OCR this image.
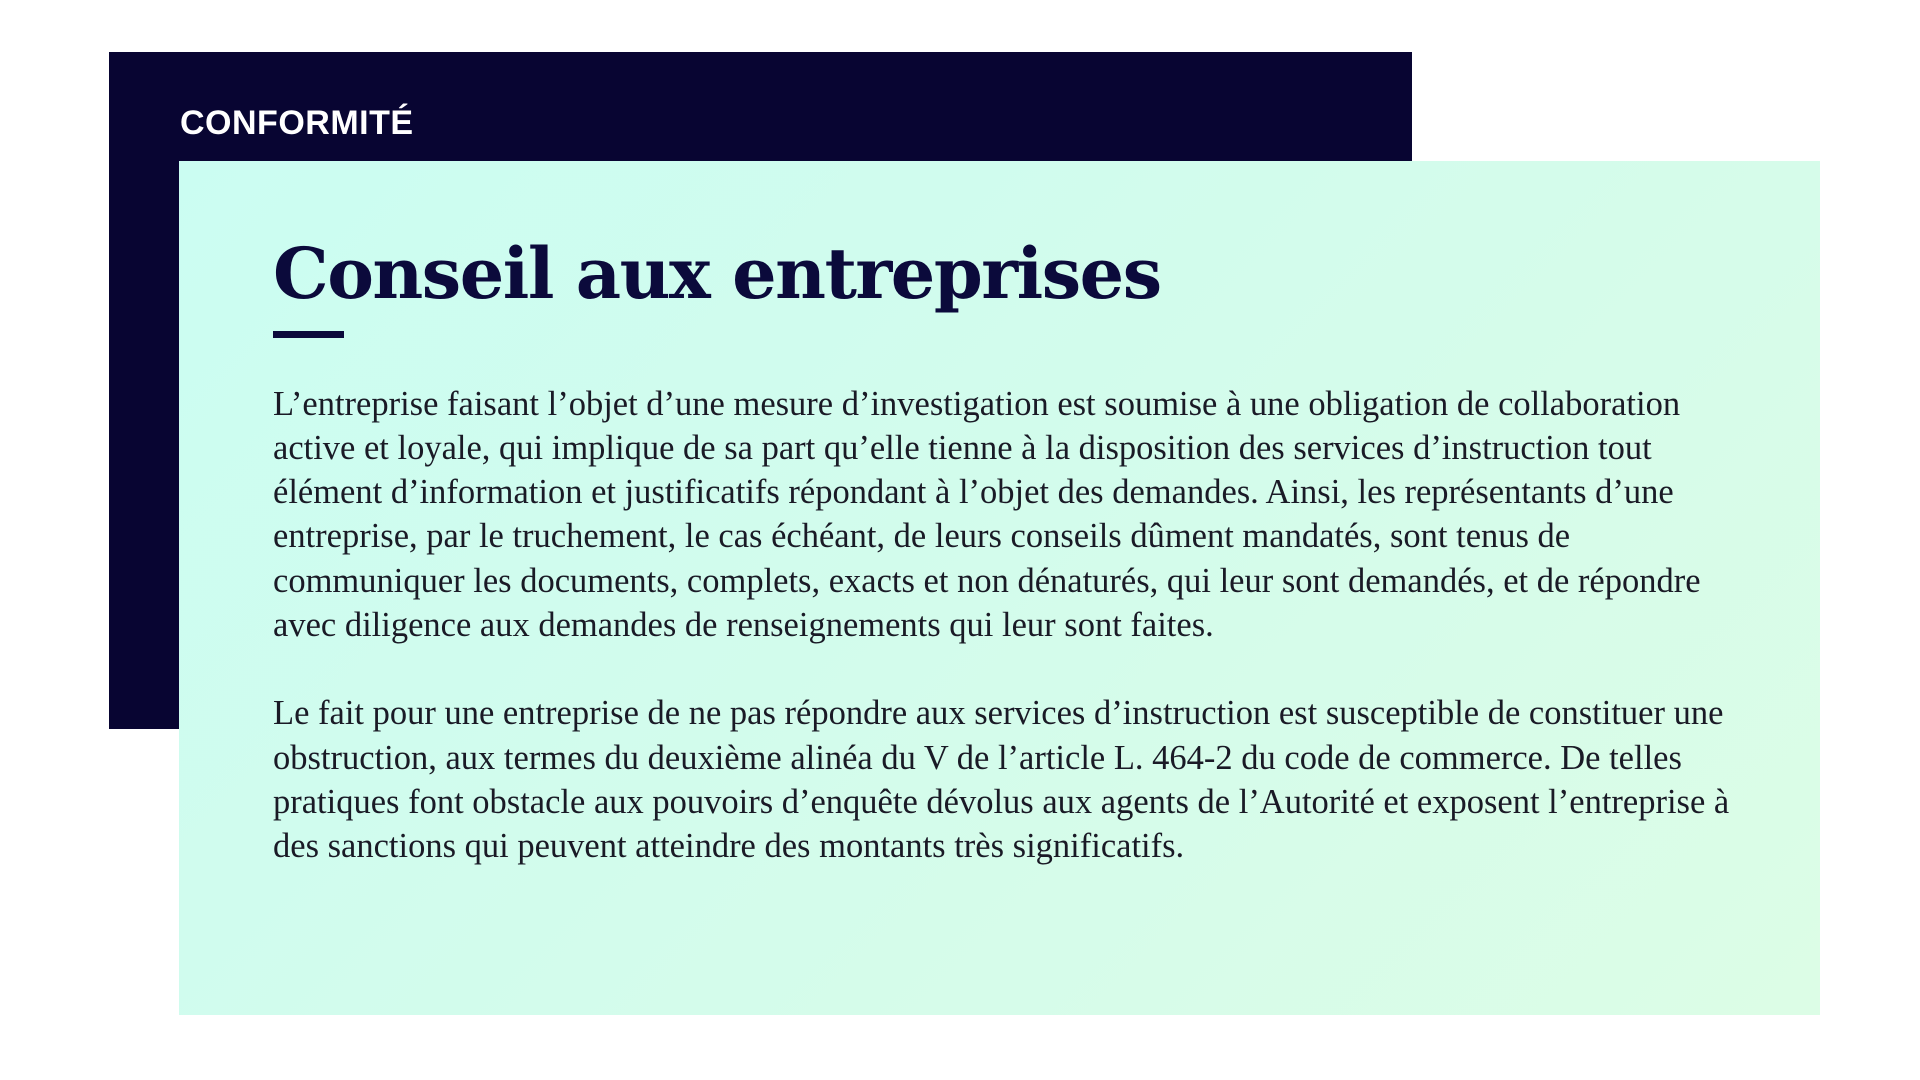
CONFORMITÉ
Conseil aux entreprises

L’entreprise faisant l’objet d’une mesure d’investigation est soumise à une obligation de collaboration active et loyale, qui implique de sa part qu’elle tienne à la disposition des services d’instruction tout élément d’information et justificatifs répondant à l’objet des demandes. Ainsi, les représentants d’une entreprise, par le truchement, le cas échéant, de leurs conseils dûment mandatés, sont tenus de communiquer les documents, complets, exacts et non dénaturés, qui leur sont demandés, et de répondre avec diligence aux demandes de renseignements qui leur sont faites.

Le fait pour une entreprise de ne pas répondre aux services d’instruction est susceptible de constituer une obstruction, aux termes du deuxième alinéa du V de l’article L. 464-2 du code de commerce. De telles pratiques font obstacle aux pouvoirs d’enquête dévolus aux agents de l’Autorité et exposent l’entreprise à des sanctions qui peuvent atteindre des montants très significatifs.
